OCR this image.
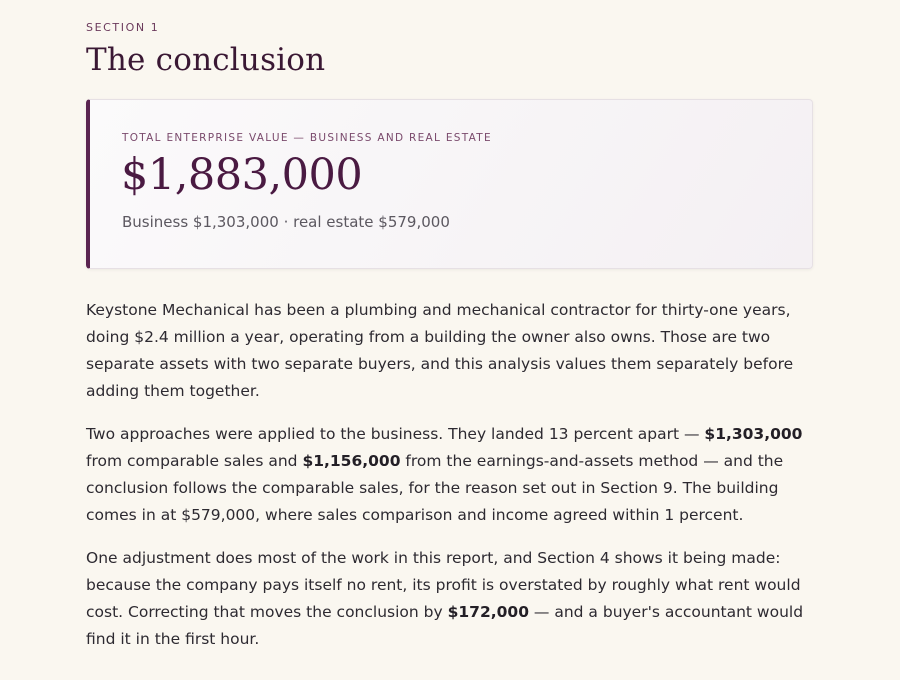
SECTION 1
The conclusion
TOTAL ENTERPRISE VALUE — BUSINESS AND REAL ESTATE
$1,883,000
Business $1,303,000 · real estate $579,000

Keystone Mechanical has been a plumbing and mechanical contractor for thirty-one years, doing $2.4 million a year, operating from a building the owner also owns. Those are two separate assets with two separate buyers, and this analysis values them separately before adding them together.

Two approaches were applied to the business. They landed 13 percent apart — $1,303,000 from comparable sales and $1,156,000 from the earnings-and-assets method — and the conclusion follows the comparable sales, for the reason set out in Section 9. The building comes in at $579,000, where sales comparison and income agreed within 1 percent.

One adjustment does most of the work in this report, and Section 4 shows it being made: because the company pays itself no rent, its profit is overstated by roughly what rent would cost. Correcting that moves the conclusion by $172,000 — and a buyer's accountant would find it in the first hour.
